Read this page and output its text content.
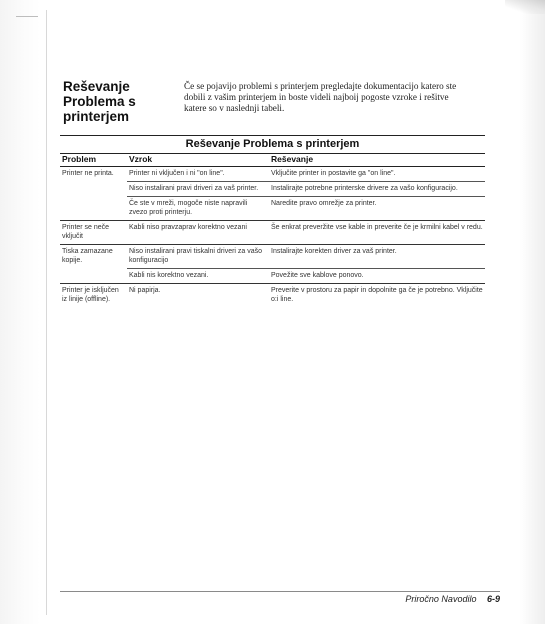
Reševanje Problema s printerjem
Če se pojavijo problemi s printerjem pregledajte dokumentacijo katero ste dobili z vašim printerjem in boste videli najboij pogoste vzroke i rešitve katere so v naslednji tabeli.
Reševanje Problema s printerjem
Problem	Vzrok	Reševanje
Printer ne printa.	Printer ni vključen i ni "on line".	Vključite printer in postavite ga "on line".
	Niso instalirani pravi driveri za vaš printer.	Instalirajte potrebne printerske drivere za vašo konfiguracijo.
	Če ste v mreži, mogoče niste napravili zvezo proti printerju.	Naredite pravo omrežje za printer.
Printer se neče vključit	Kabli niso pravzaprav korektno vezani	Še enkrat preveržite vse kable in preverite če je krmilni kabel v redu.
Tiska zamazane kopije.	Niso instalirani pravi tiskalni driveri za vašo konfiguracijo	Instalirajte korekten driver za vaš printer.
	Kabli nis korektno vezani.	Povežite sve kablove ponovo.
Printer je isključen iz linije (offline).	Ni papirja.	Preverite v prostoru za papir in dopolnite ga če je potrebno. Vključite o:i line.
Priročno Navodilo 6-9
